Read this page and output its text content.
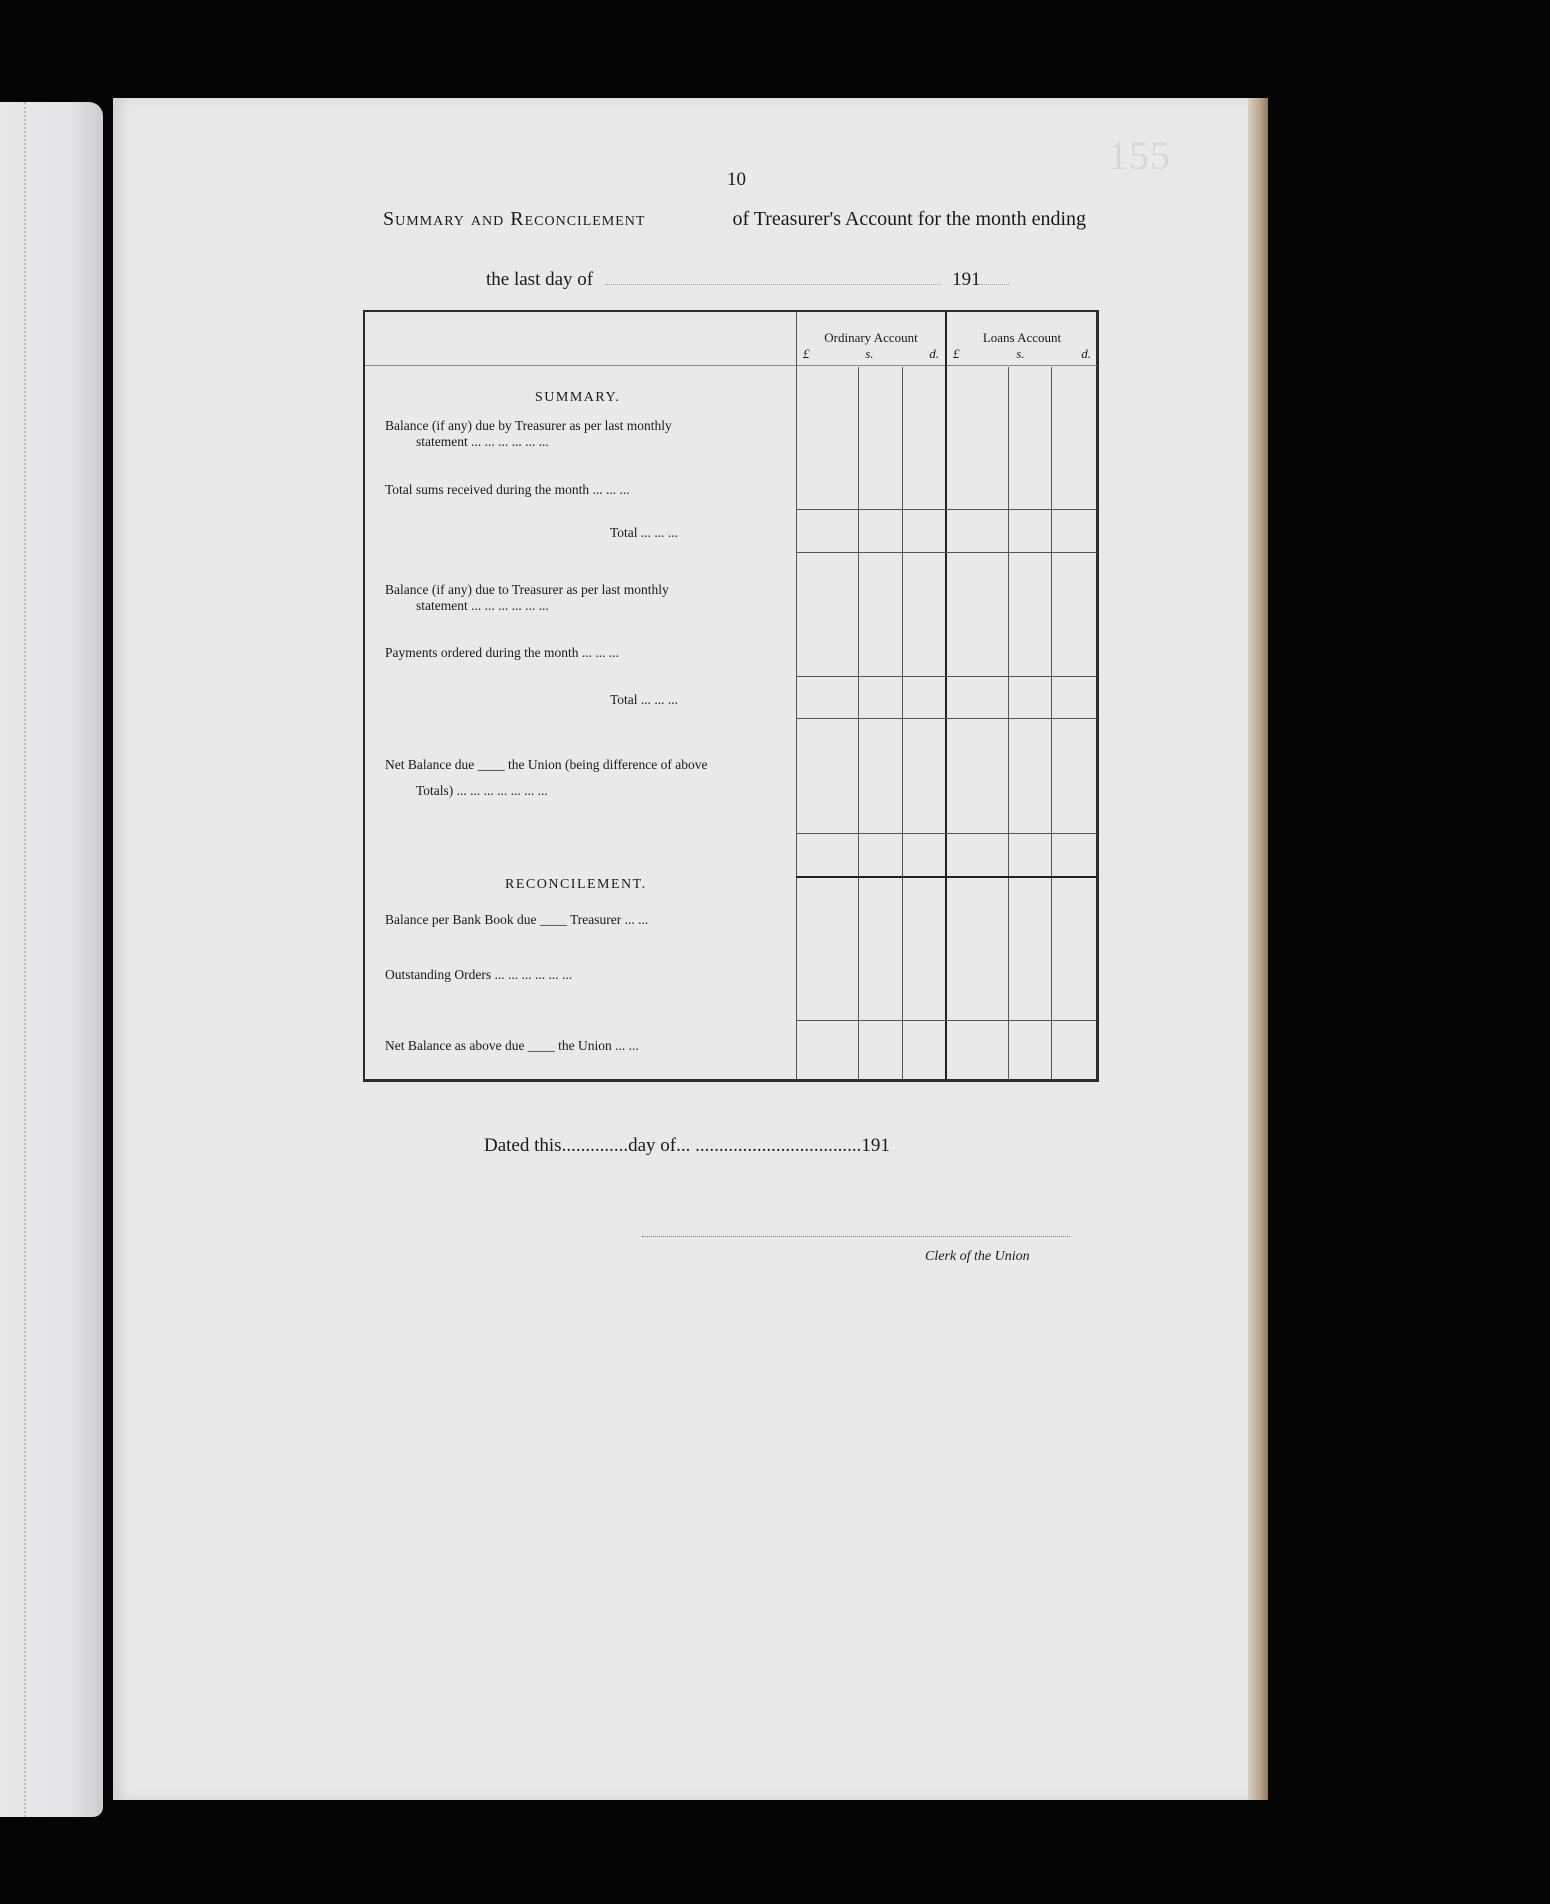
155
10
Summary and Reconcilement	of Treasurer's Account for the month ending
the last day of	191
Ordinary Account
£	s.	d.
Loans Account
£	s.	d.
SUMMARY.
Balance (if any) due by Treasurer as per last monthly
statement ... ... ... ... ... ...
Total sums received during the month ... ... ...
Total ... ... ...
Balance (if any) due to Treasurer as per last monthly
statement ... ... ... ... ... ...
Payments ordered during the month ... ... ...
Total ... ... ...
Net Balance due ____ the Union (being difference of above
Totals) ... ... ... ... ... ... ...
RECONCILEMENT.
Balance per Bank Book due ____ Treasurer ... ...
Outstanding Orders ... ... ... ... ... ...
Net Balance as above due ____ the Union ... ...
Dated this..............day of... ...................................191
Clerk of the Union
